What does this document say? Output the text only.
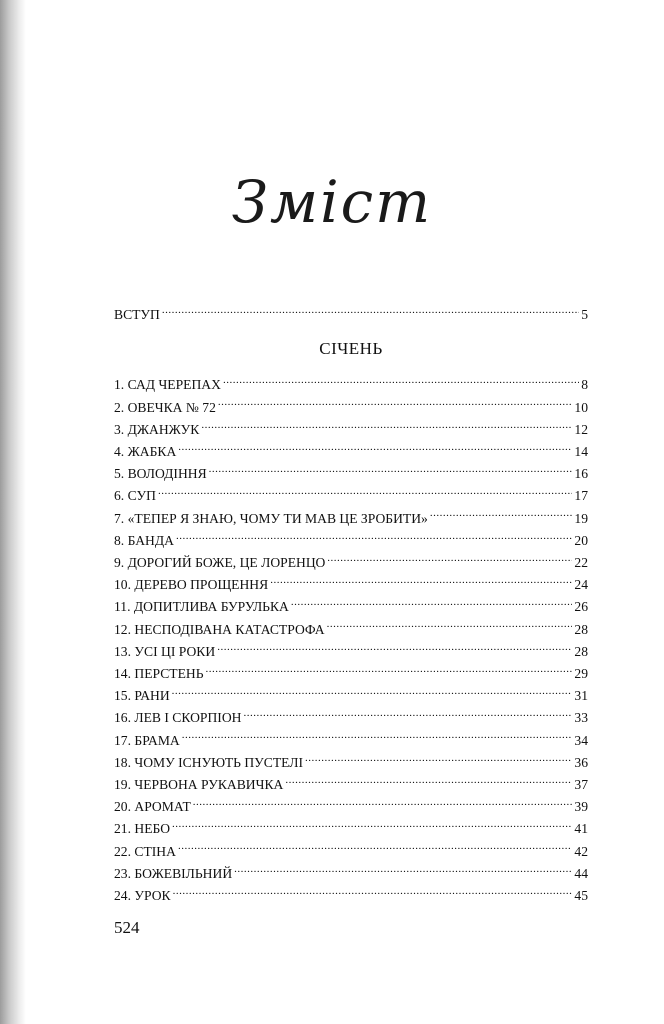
Зміст
ВСТУП .....	5
СІЧЕНЬ
1. САД ЧЕРЕПАХ .....	8
2. ОВЕЧКА № 72 .....	10
3. ДЖАНЖУК .....	12
4. ЖАБКА .....	14
5. ВОЛОДІННЯ .....	16
6. СУП .....	17
7. «ТЕПЕР Я ЗНАЮ, ЧОМУ ТИ МАВ ЦЕ ЗРОБИТИ» .....	19
8. БАНДА .....	20
9. ДОРОГИЙ БОЖЕ, ЦЕ ЛОРЕНЦО .....	22
10. ДЕРЕВО ПРОЩЕННЯ .....	24
11. ДОПИТЛИВА БУРУЛЬКА .....	26
12. НЕСПОДІВАНА КАТАСТРОФА .....	28
13. УСІ ЦІ РОКИ .....	28
14. ПЕРСТЕНЬ .....	29
15. РАНИ .....	31
16. ЛЕВ І СКОРПІОН .....	33
17. БРАМА .....	34
18. ЧОМУ ІСНУЮТЬ ПУСТЕЛІ .....	36
19. ЧЕРВОНА РУКАВИЧКА .....	37
20. АРОМАТ .....	39
21. НЕБО .....	41
22. СТІНА .....	42
23. БОЖЕВІЛЬНИЙ .....	44
24. УРОК .....	45
524
